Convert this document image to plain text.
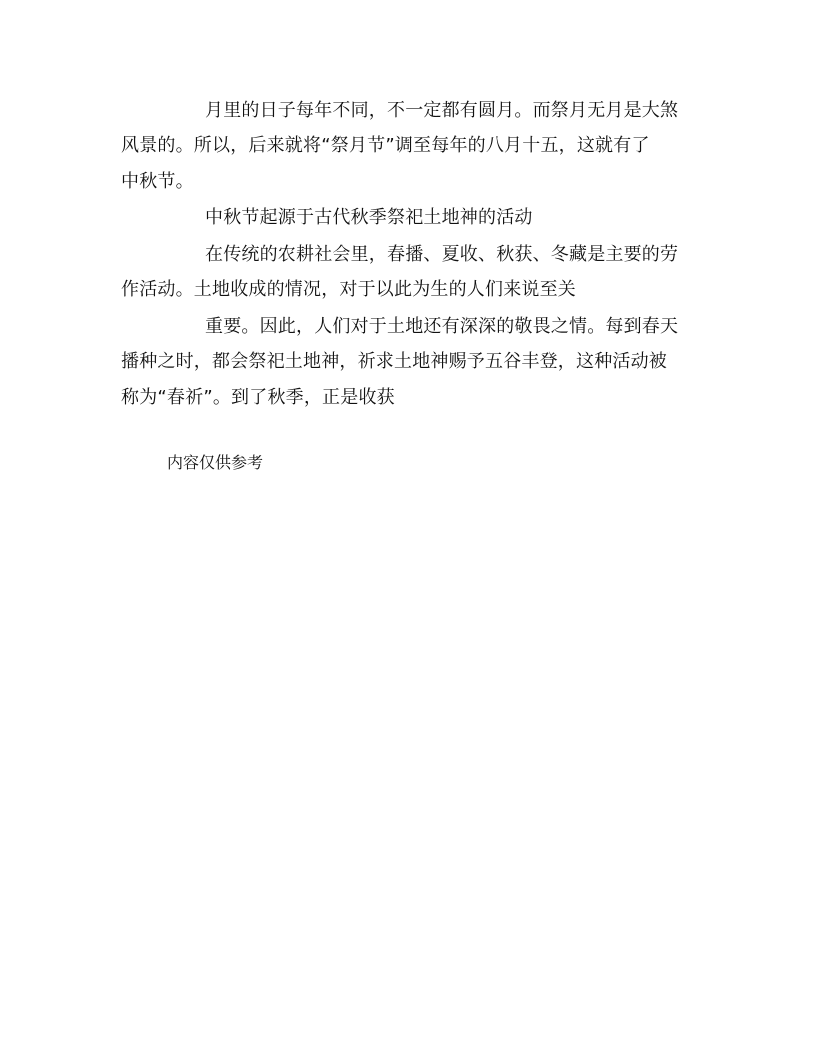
月里的日子每年不同，不一定都有圆月。而祭月无月是大煞
风景的。所以，后来就将“祭月节”调至每年的八月十五，这就有了
中秋节。
中秋节起源于古代秋季祭祀土地神的活动
在传统的农耕社会里，春播、夏收、秋获、冬藏是主要的劳
作活动。土地收成的情况，对于以此为生的人们来说至关
重要。因此，人们对于土地还有深深的敬畏之情。每到春天
播种之时，都会祭祀土地神，祈求土地神赐予五谷丰登，这种活动被
称为“春祈”。到了秋季，正是收获
内容仅供参考
